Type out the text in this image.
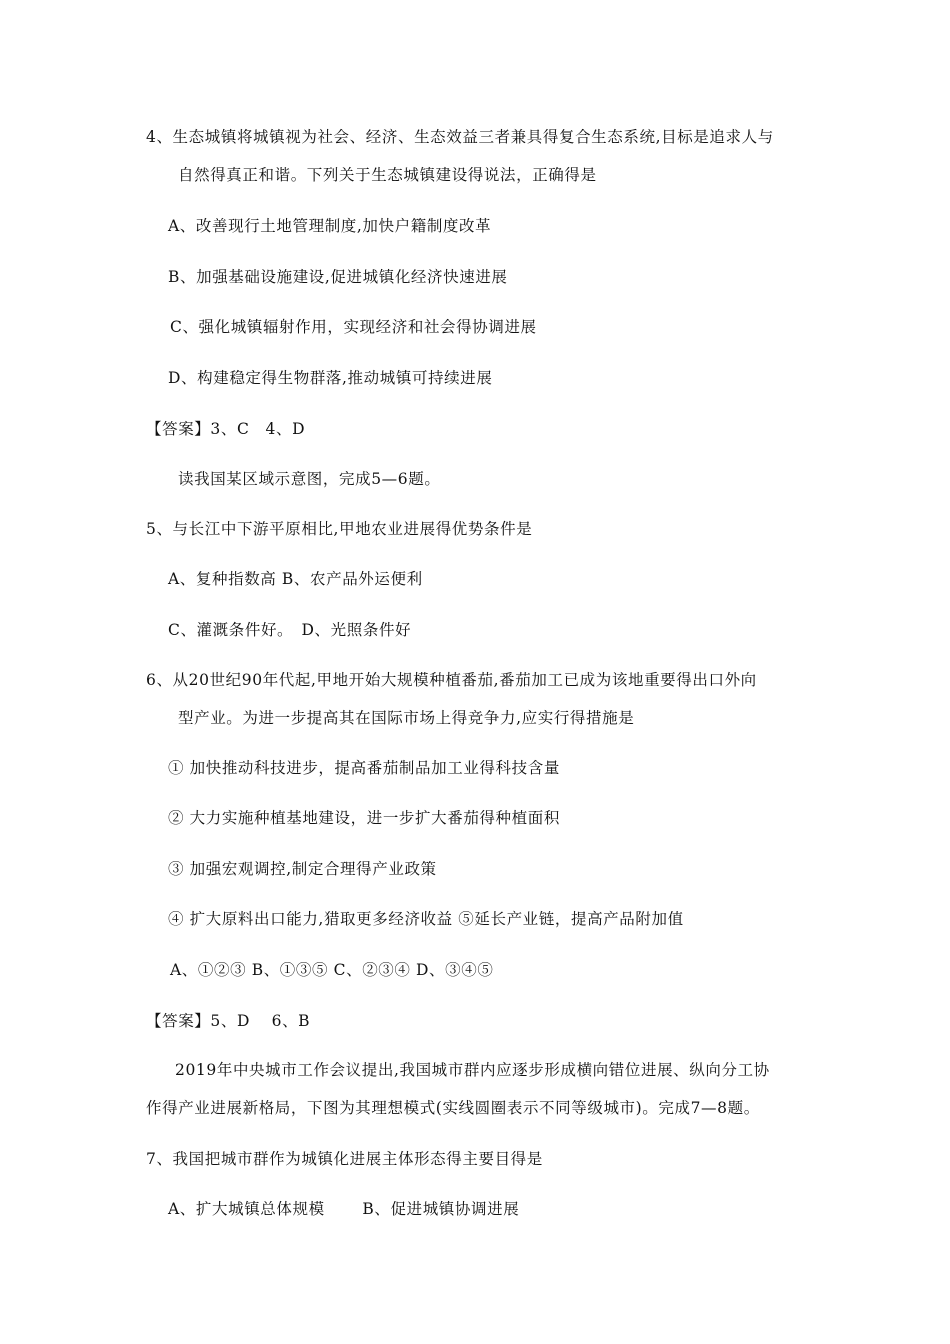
4、生态城镇将城镇视为社会、经济、生态效益三者兼具得复合生态系统,目标是追求人与
自然得真正和谐。下列关于生态城镇建设得说法，正确得是
A、改善现行土地管理制度,加快户籍制度改革
B、加强基础设施建设,促进城镇化经济快速进展
C、强化城镇辐射作用，实现经济和社会得协调进展
D、构建稳定得生物群落,推动城镇可持续进展
【答案】3、C　4、D
读我国某区域示意图，完成5—6题。
5、与长江中下游平原相比,甲地农业进展得优势条件是
A、复种指数高 B、农产品外运便利
C、灌溉条件好。　D、光照条件好
6、从20世纪90年代起,甲地开始大规模种植番茄,番茄加工已成为该地重要得出口外向
型产业。为进一步提高其在国际市场上得竞争力,应实行得措施是
① 加快推动科技进步，提高番茄制品加工业得科技含量
② 大力实施种植基地建设，进一步扩大番茄得种植面积
③ 加强宏观调控,制定合理得产业政策
④ 扩大原料出口能力,猎取更多经济收益 ⑤延长产业链，提高产品附加值
A、①②③ B、①③⑤ C、②③④ D、③④⑤
【答案】5、D　 6、B
2019年中央城市工作会议提出,我国城市群内应逐步形成横向错位进展、纵向分工协
作得产业进展新格局，下图为其理想模式(实线圆圈表示不同等级城市)。完成7—8题。
7、我国把城市群作为城镇化进展主体形态得主要目得是
A、扩大城镇总体规模　　 B、促进城镇协调进展
